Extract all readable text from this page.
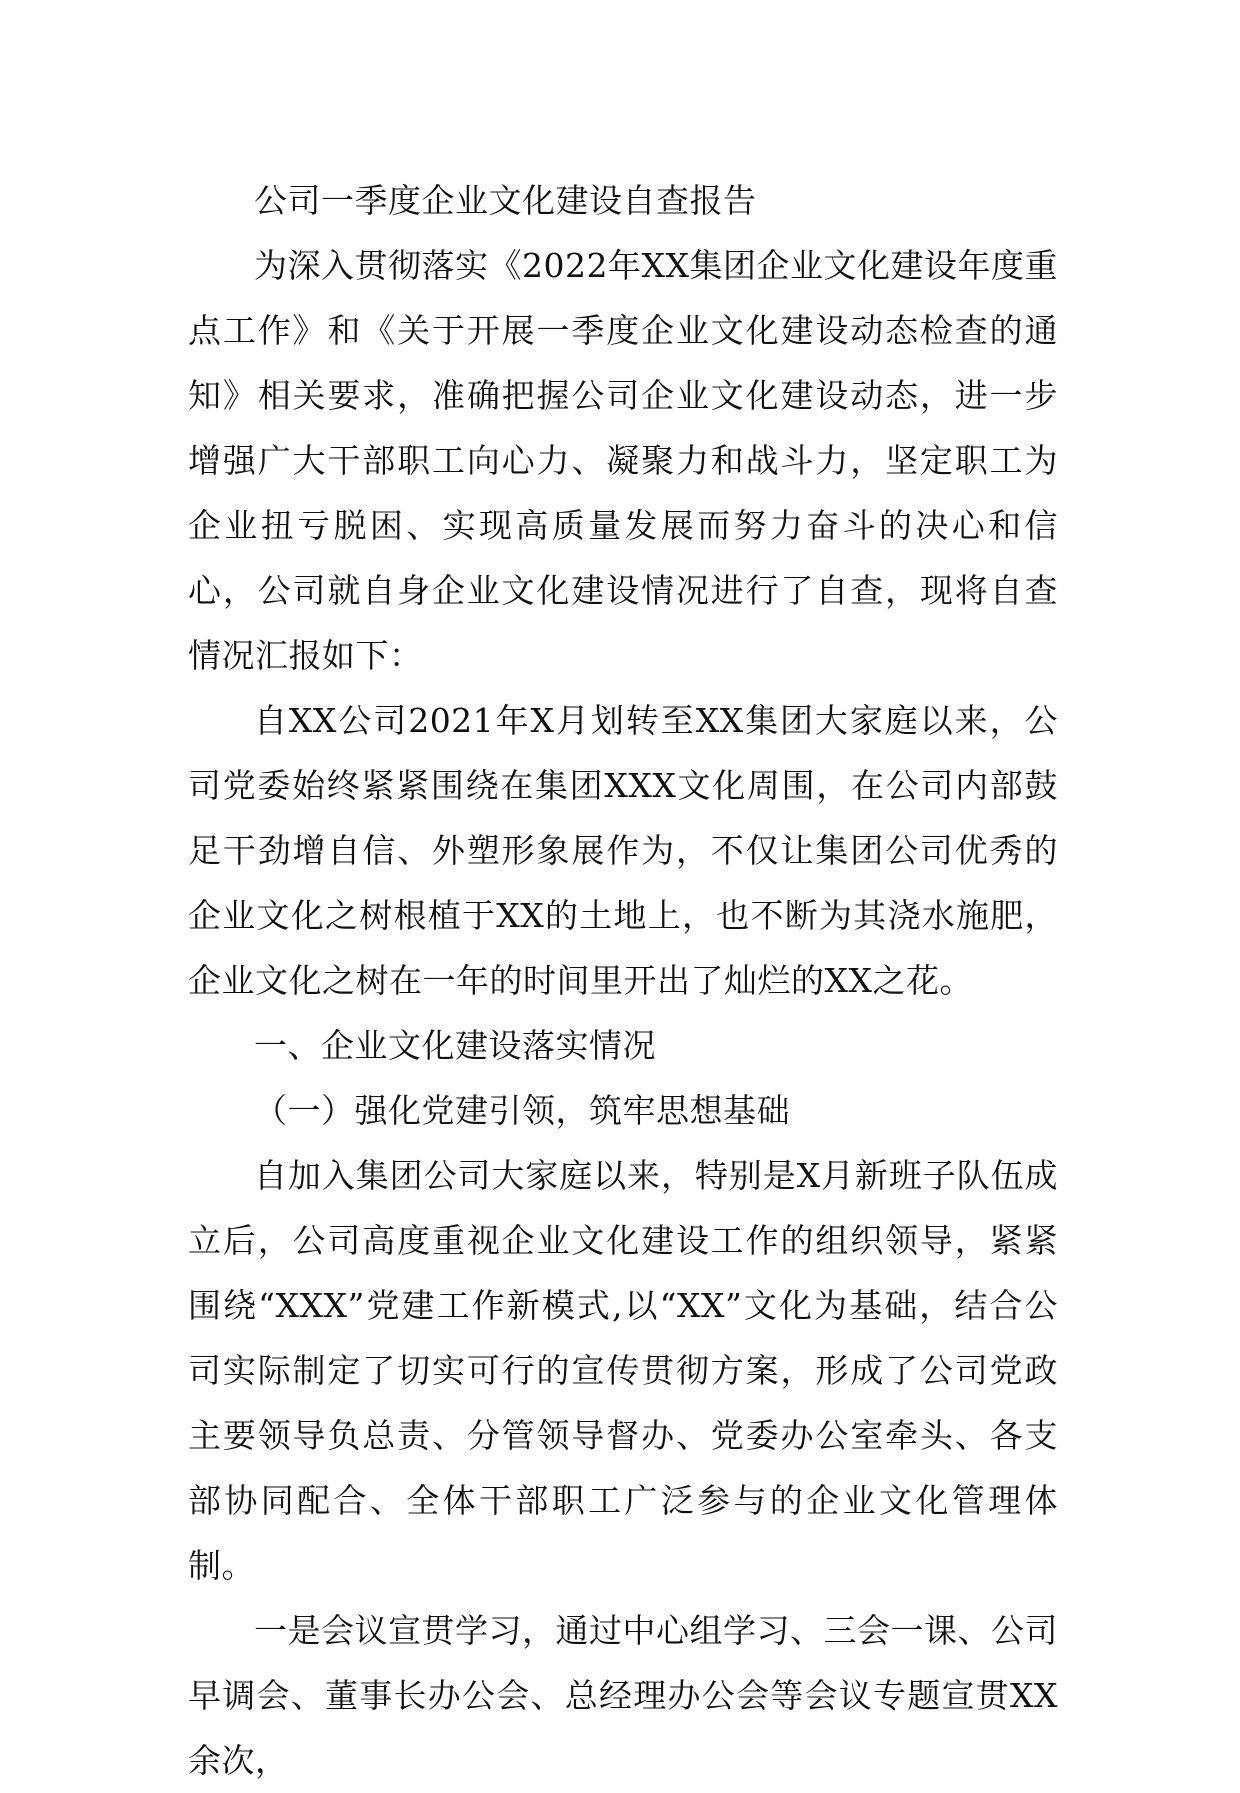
公司一季度企业文化建设自查报告

为深入贯彻落实《2022年XX集团企业文化建设年度重点工作》和《关于开展一季度企业文化建设动态检查的通知》相关要求，准确把握公司企业文化建设动态，进一步增强广大干部职工向心力、凝聚力和战斗力，坚定职工为企业扭亏脱困、实现高质量发展而努力奋斗的决心和信心，公司就自身企业文化建设情况进行了自查，现将自查情况汇报如下：

自XX公司2021年X月划转至XX集团大家庭以来，公司党委始终紧紧围绕在集团XXX文化周围，在公司内部鼓足干劲增自信、外塑形象展作为，不仅让集团公司优秀的企业文化之树根植于XX的土地上，也不断为其浇水施肥，企业文化之树在一年的时间里开出了灿烂的XX之花。

一、企业文化建设落实情况

（一）强化党建引领，筑牢思想基础

自加入集团公司大家庭以来，特别是X月新班子队伍成立后，公司高度重视企业文化建设工作的组织领导，紧紧围绕“XXX”党建工作新模式,以“XX”文化为基础，结合公司实际制定了切实可行的宣传贯彻方案，形成了公司党政主要领导负总责、分管领导督办、党委办公室牵头、各支部协同配合、全体干部职工广泛参与的企业文化管理体制。

一是会议宣贯学习，通过中心组学习、三会一课、公司早调会、董事长办公会、总经理办公会等会议专题宣贯XX余次，
